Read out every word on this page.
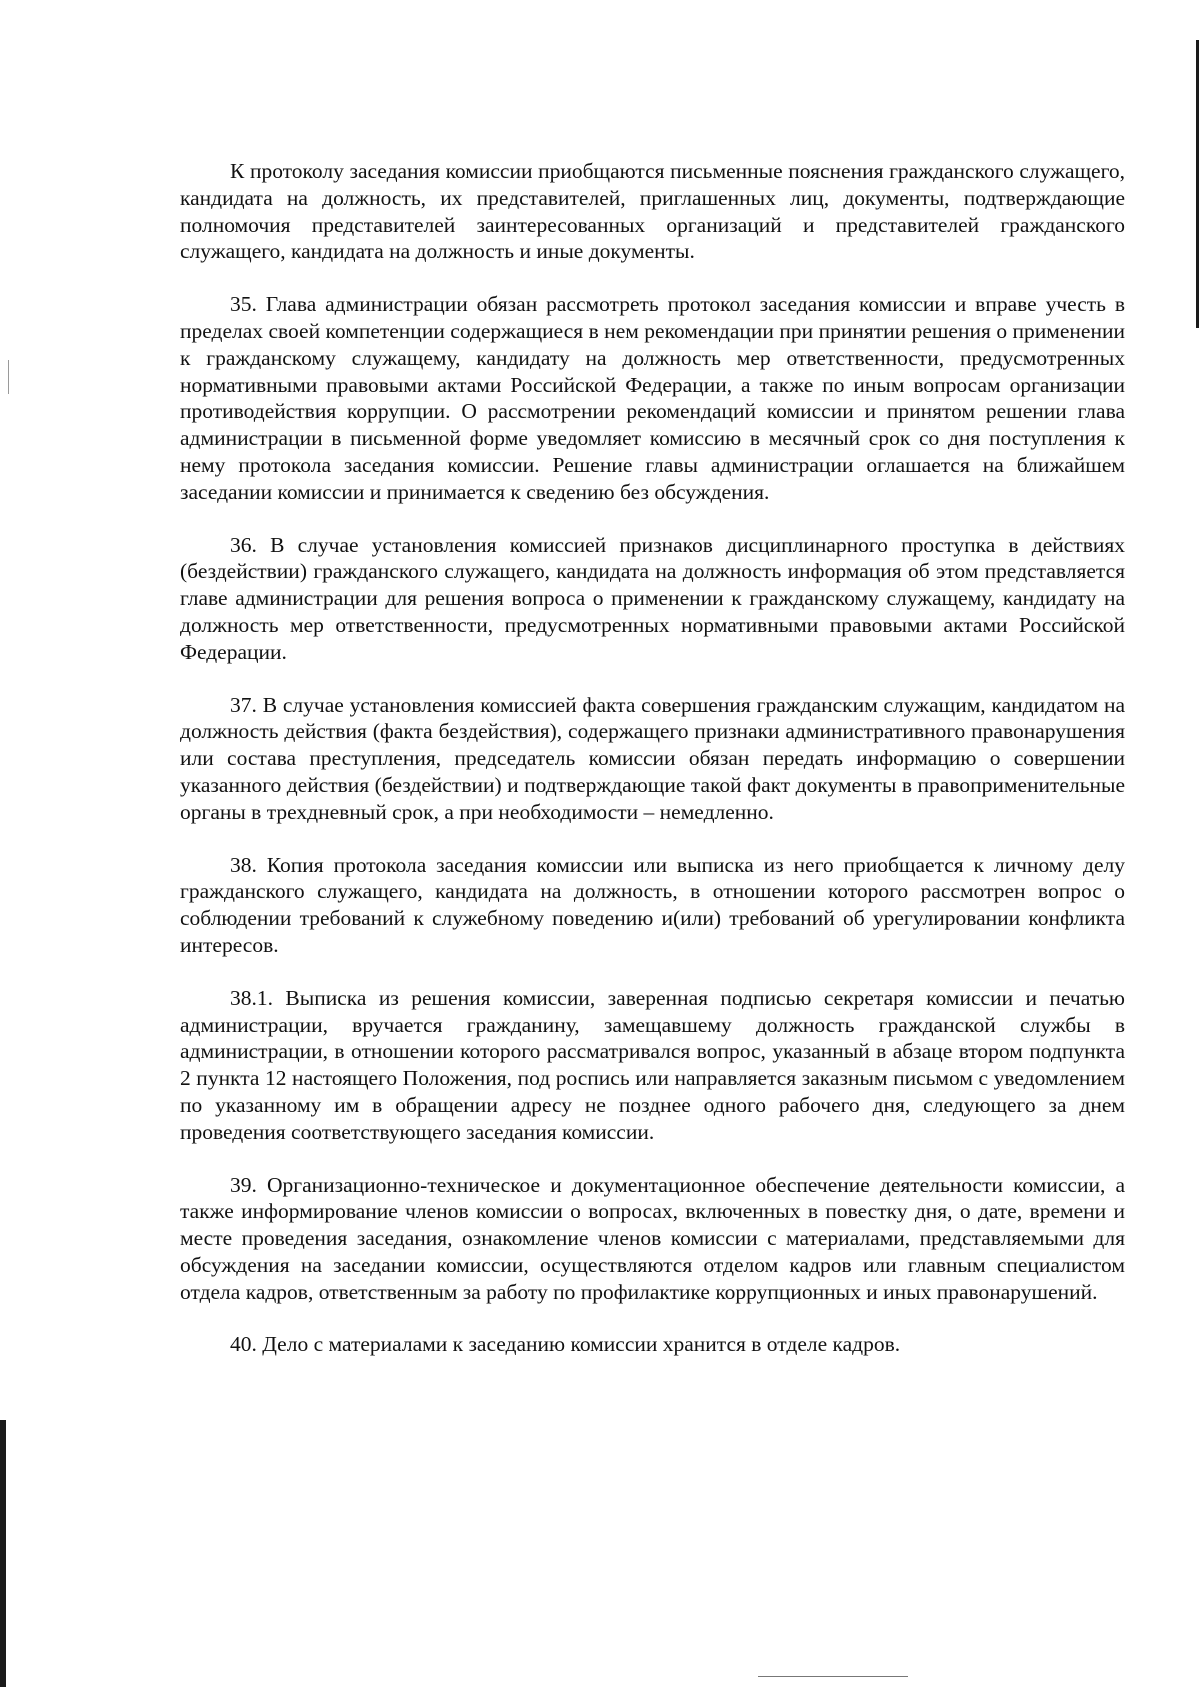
К протоколу заседания комиссии приобщаются письменные пояснения гражданского служащего, кандидата на должность, их представителей, приглашенных лиц, документы, подтверждающие полномочия представителей заинтересованных организаций и представителей гражданского служащего, кандидата на должность и иные документы.

35. Глава администрации обязан рассмотреть протокол заседания комиссии и вправе учесть в пределах своей компетенции содержащиеся в нем рекомендации при принятии решения о применении к гражданскому служащему, кандидату на должность мер ответственности, предусмотренных нормативными правовыми актами Российской Федерации, а также по иным вопросам организации противодействия коррупции. О рассмотрении рекомендаций комиссии и принятом решении глава администрации в письменной форме уведомляет комиссию в месячный срок со дня поступления к нему протокола заседания комиссии. Решение главы администрации оглашается на ближайшем заседании комиссии и принимается к сведению без обсуждения.

36. В случае установления комиссией признаков дисциплинарного проступка в действиях (бездействии) гражданского служащего, кандидата на должность информация об этом представляется главе администрации для решения вопроса о применении к гражданскому служащему, кандидату на должность мер ответственности, предусмотренных нормативными правовыми актами Российской Федерации.

37. В случае установления комиссией факта совершения гражданским служащим, кандидатом на должность действия (факта бездействия), содержащего признаки административного правонарушения или состава преступления, председатель комиссии обязан передать информацию о совершении указанного действия (бездействии) и подтверждающие такой факт документы в правоприменительные органы в трехдневный срок, а при необходимости – немедленно.

38. Копия протокола заседания комиссии или выписка из него приобщается к личному делу гражданского служащего, кандидата на должность, в отношении которого рассмотрен вопрос о соблюдении требований к служебному поведению и(или) требований об урегулировании конфликта интересов.

38.1. Выписка из решения комиссии, заверенная подписью секретаря комиссии и печатью администрации, вручается гражданину, замещавшему должность гражданской службы в администрации, в отношении которого рассматривался вопрос, указанный в абзаце втором подпункта 2 пункта 12 настоящего Положения, под роспись или направляется заказным письмом с уведомлением по указанному им в обращении адресу не позднее одного рабочего дня, следующего за днем проведения соответствующего заседания комиссии.

39. Организационно-техническое и документационное обеспечение деятельности комиссии, а также информирование членов комиссии о вопросах, включенных в повестку дня, о дате, времени и месте проведения заседания, ознакомление членов комиссии с материалами, представляемыми для обсуждения на заседании комиссии, осуществляются отделом кадров или главным специалистом отдела кадров, ответственным за работу по профилактике коррупционных и иных правонарушений.

40. Дело с материалами к заседанию комиссии хранится в отделе кадров.
